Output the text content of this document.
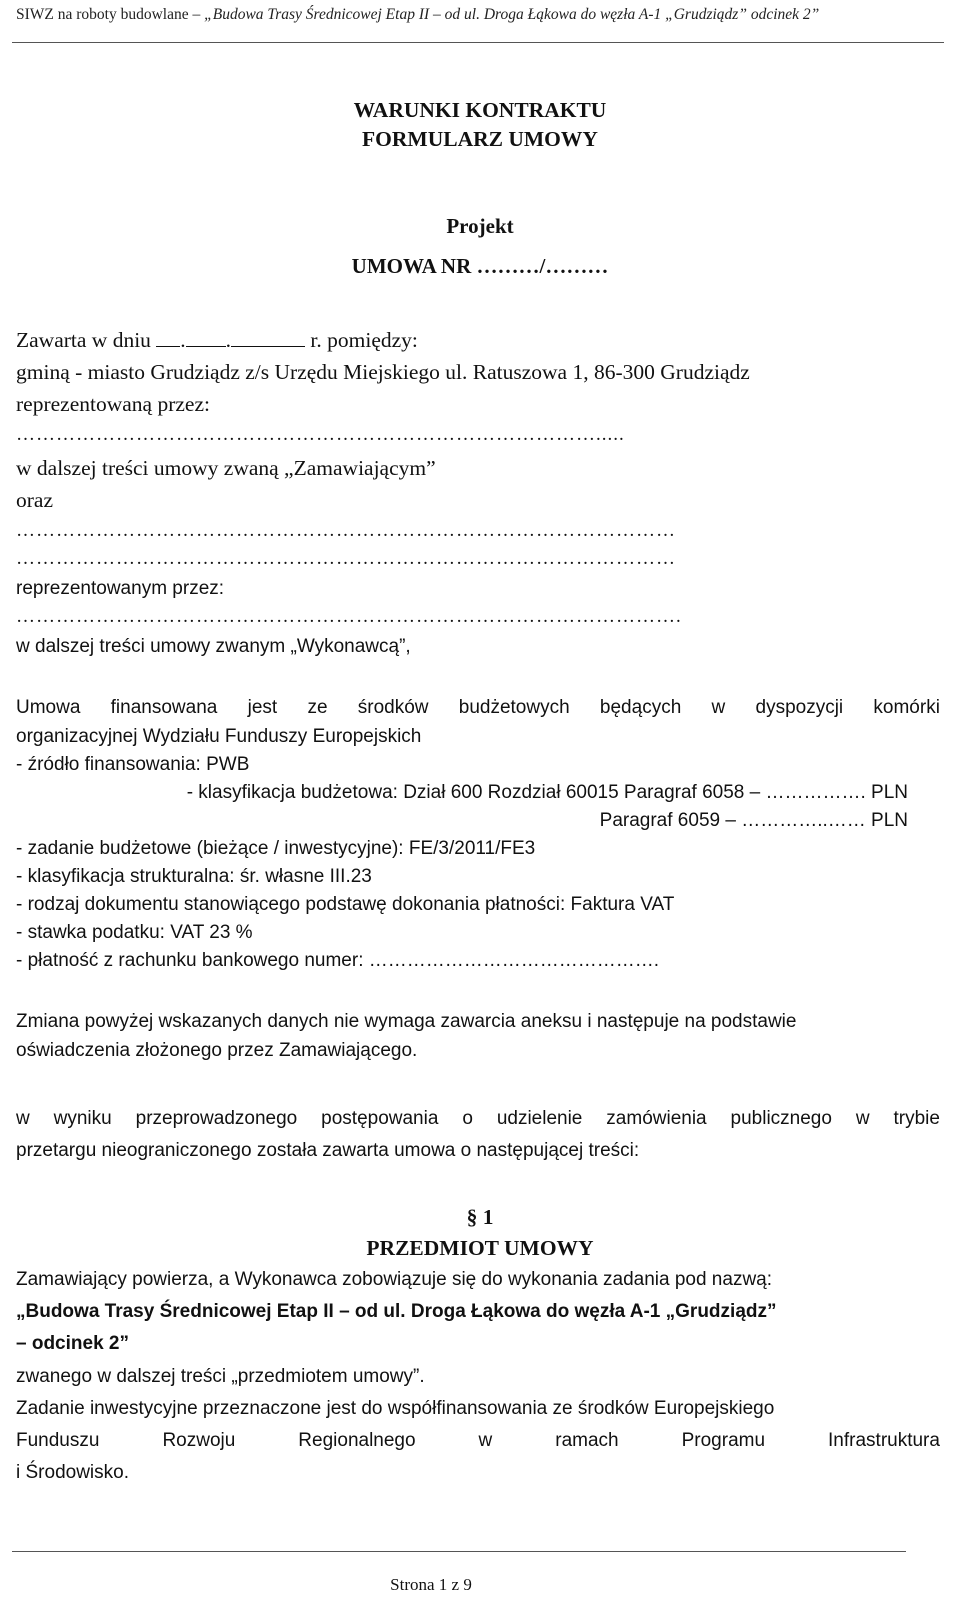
SIWZ na roboty budowlane – „Budowa Trasy Średnicowej Etap II – od ul. Droga Łąkowa do węzła A-1 „Grudziądz” odcinek 2”
WARUNKI KONTRAKTU
FORMULARZ UMOWY
Projekt
UMOWA NR ………/………
Zawarta w dniu . .	r. pomiędzy:
gminą - miasto Grudziądz z/s Urzędu Miejskiego ul. Ratuszowa 1, 86-300 Grudziądz
reprezentowaną przez:
…………………………………………………………………………….....
w dalszej treści umowy zwaną „Zamawiającym”
oraz
………………………………………………………………………………………
………………………………………………………………………………………
reprezentowanym przez:
……………………………………………………………………………………….
w dalszej treści umowy zwanym „Wykonawcą”,
Umowa finansowana jest ze środków budżetowych będących w dyspozycji komórki
organizacyjnej Wydziału Funduszy Europejskich
- źródło finansowania: PWB
- klasyfikacja budżetowa: Dział 600 Rozdział 60015 Paragraf 6058 – ……………. PLN
Paragraf 6059 – …………..…… PLN
- zadanie budżetowe (bieżące / inwestycyjne): FE/3/2011/FE3
- klasyfikacja strukturalna: śr. własne III.23
- rodzaj dokumentu stanowiącego podstawę dokonania płatności: Faktura VAT
- stawka podatku: VAT 23 %
- płatność z rachunku bankowego numer: ……………………………………….
Zmiana powyżej wskazanych danych nie wymaga zawarcia aneksu i następuje na podstawie
oświadczenia złożonego przez Zamawiającego.
w wyniku przeprowadzonego postępowania o udzielenie zamówienia publicznego w trybie
przetargu nieograniczonego została zawarta umowa o następującej treści:
§ 1
PRZEDMIOT UMOWY
Zamawiający powierza, a Wykonawca zobowiązuje się do wykonania zadania pod nazwą:
„Budowa Trasy Średnicowej Etap II – od ul. Droga Łąkowa do węzła A-1 „Grudziądz”
– odcinek 2”
zwanego w dalszej treści „przedmiotem umowy”.
Zadanie inwestycyjne przeznaczone jest do współfinansowania ze środków Europejskiego
Funduszu	Rozwoju	Regionalnego	w	ramach	Programu	Infrastruktura
i Środowisko.
Strona 1 z 9
